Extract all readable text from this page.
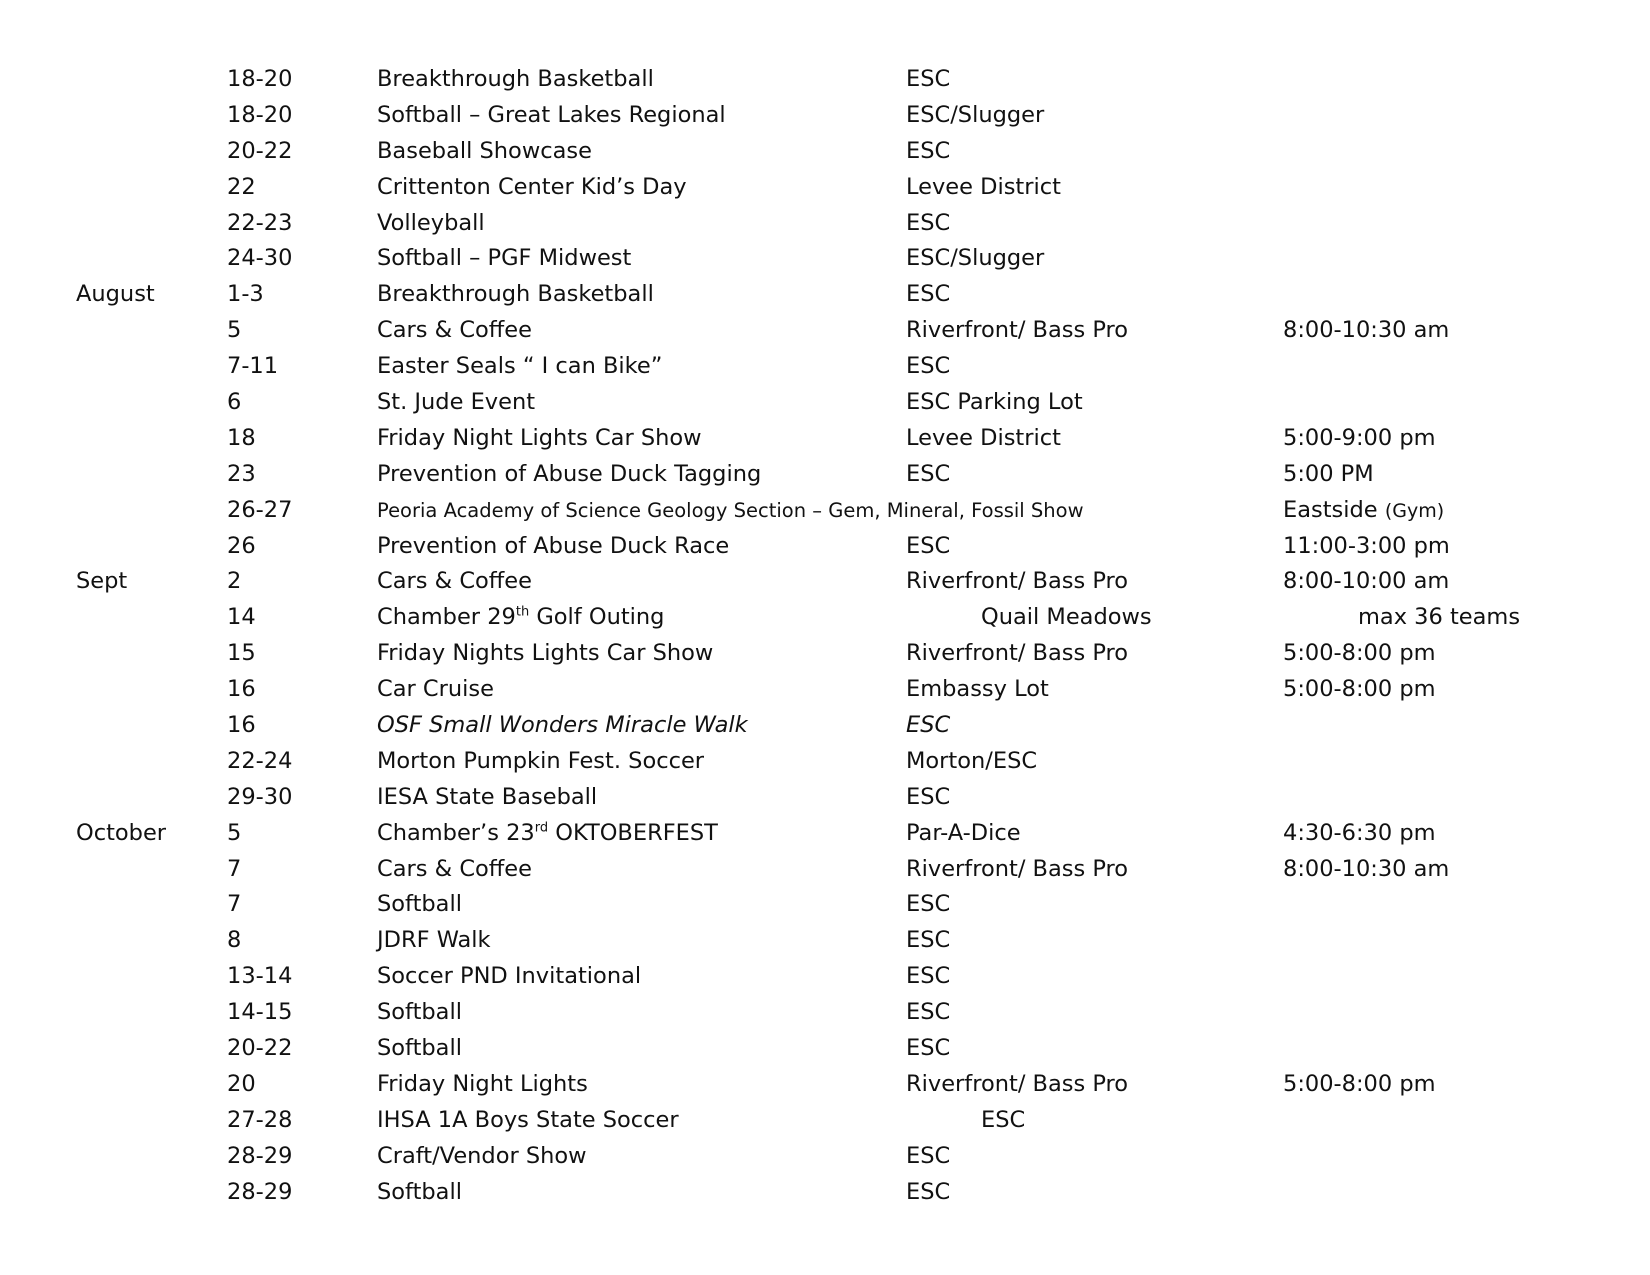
18-20	Breakthrough Basketball	ESC
18-20	Softball – Great Lakes Regional	ESC/Slugger
20-22	Baseball Showcase	ESC
22	Crittenton Center Kid’s Day	Levee District
22-23	Volleyball	ESC
24-30	Softball – PGF Midwest	ESC/Slugger
August	1-3	Breakthrough Basketball	ESC
5	Cars & Coffee	Riverfront/ Bass Pro	8:00-10:30 am
7-11	Easter Seals “ I can Bike”	ESC
6	St. Jude Event	ESC Parking Lot
18	Friday Night Lights Car Show	Levee District	5:00-9:00 pm
23	Prevention of Abuse Duck Tagging	ESC	5:00 PM
26-27	Peoria Academy of Science Geology Section – Gem, Mineral, Fossil Show	Eastside (Gym)
26	Prevention of Abuse Duck Race	ESC	11:00-3:00 pm
Sept	2	Cars & Coffee	Riverfront/ Bass Pro	8:00-10:00 am
14	Chamber 29th Golf Outing	Quail Meadows	max 36 teams
15	Friday Nights Lights Car Show	Riverfront/ Bass Pro	5:00-8:00 pm
16	Car Cruise	Embassy Lot	5:00-8:00 pm
16	OSF Small Wonders Miracle Walk	ESC
22-24	Morton Pumpkin Fest. Soccer	Morton/ESC
29-30	IESA State Baseball	ESC
October	5	Chamber’s 23rd OKTOBERFEST	Par-A-Dice	4:30-6:30 pm
7	Cars & Coffee	Riverfront/ Bass Pro	8:00-10:30 am
7	Softball	ESC
8	JDRF Walk	ESC
13-14	Soccer PND Invitational	ESC
14-15	Softball	ESC
20-22	Softball	ESC
20	Friday Night Lights	Riverfront/ Bass Pro	5:00-8:00 pm
27-28	IHSA 1A Boys State Soccer	ESC
28-29	Craft/Vendor Show	ESC
28-29	Softball	ESC
